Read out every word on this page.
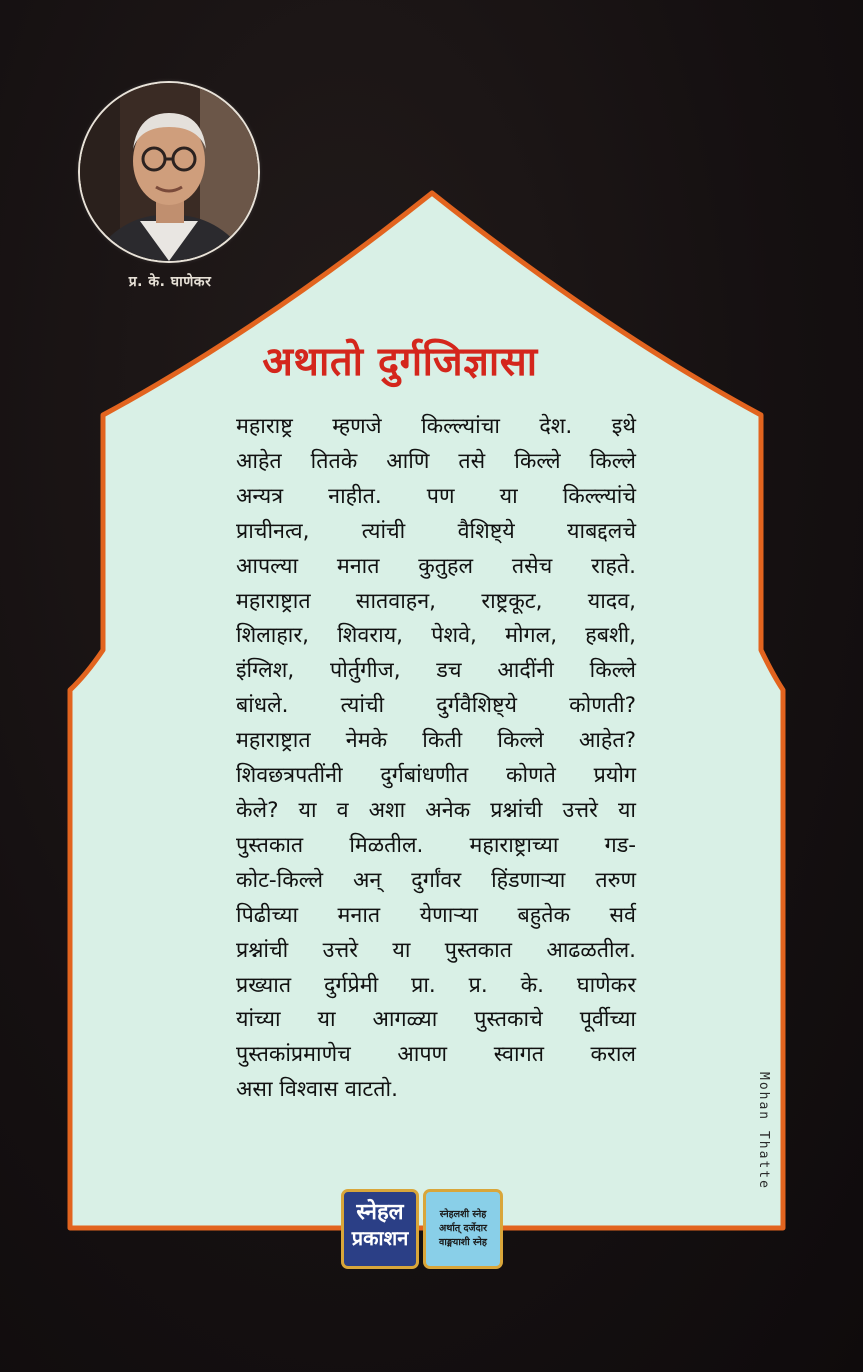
प्र. के. घाणेकर
अथातो दुर्गजिज्ञासा
महाराष्ट्र म्हणजे किल्ल्यांचा देश. इथे
आहेत तितके आणि तसे किल्ले किल्ले
अन्यत्र नाहीत. पण या किल्ल्यांचे
प्राचीनत्व, त्यांची वैशिष्ट्ये याबद्दलचे
आपल्या मनात कुतुहल तसेच राहते.
महाराष्ट्रात सातवाहन, राष्ट्रकूट, यादव,
शिलाहार, शिवराय, पेशवे, मोगल, हबशी,
इंग्लिश, पोर्तुगीज, डच आदींनी किल्ले
बांधले. त्यांची दुर्गवैशिष्ट्ये कोणती?
महाराष्ट्रात नेमके किती किल्ले आहेत?
शिवछत्रपतींनी दुर्गबांधणीत कोणते प्रयोग
केले? या व अशा अनेक प्रश्नांची उत्तरे या
पुस्तकात मिळतील. महाराष्ट्राच्या गड-
कोट-किल्ले अन् दुर्गांवर हिंडणाऱ्या तरुण
पिढीच्या मनात येणाऱ्या बहुतेक सर्व
प्रश्नांची उत्तरे या पुस्तकात आढळतील.
प्रख्यात दुर्गप्रेमी प्रा. प्र. के. घाणेकर
यांच्या या आगळ्या पुस्तकाचे पूर्वीच्या
पुस्तकांप्रमाणेच आपण स्वागत कराल
असा विश्वास वाटतो.	Mohan Thatte
स्नेहल
प्रकाशन
स्नेहलशी स्नेह
अर्थात् दर्जेदार
वाङ्मयाशी स्नेह
